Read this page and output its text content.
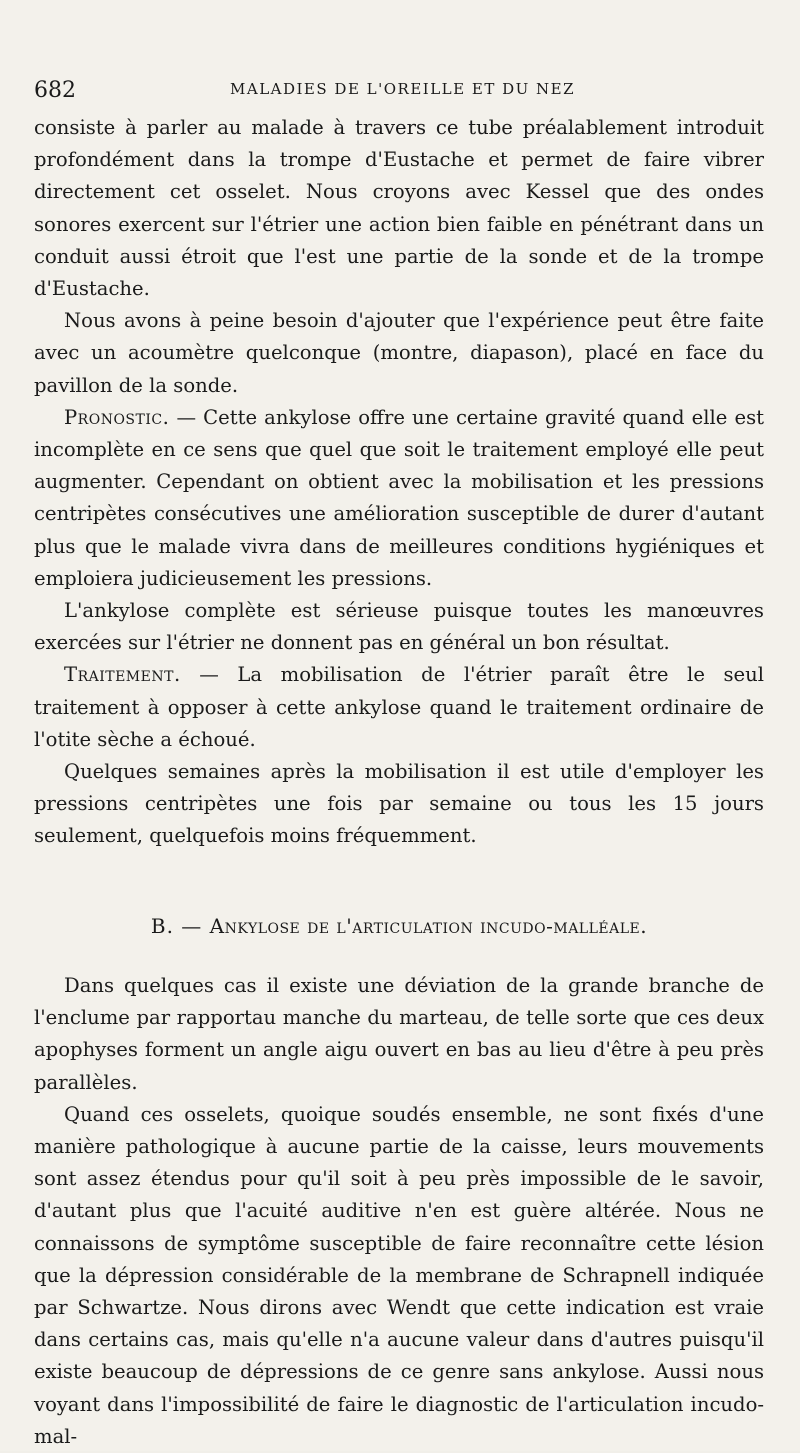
682	MALADIES DE L'OREILLE ET DU NEZ

consiste à parler au malade à travers ce tube préalablement introduit profondément dans la trompe d'Eustache et permet de faire vibrer directement cet osselet. Nous croyons avec Kessel que des ondes sonores exercent sur l'étrier une action bien faible en pénétrant dans un conduit aussi étroit que l'est une partie de la sonde et de la trompe d'Eustache.

Nous avons à peine besoin d'ajouter que l'expérience peut être faite avec un acoumètre quelconque (montre, diapason), placé en face du pavillon de la sonde.

Pronostic. — Cette ankylose offre une certaine gravité quand elle est incomplète en ce sens que quel que soit le traitement employé elle peut augmenter. Cependant on obtient avec la mobilisation et les pressions centripètes consécutives une amélioration susceptible de durer d'autant plus que le malade vivra dans de meilleures conditions hygiéniques et emploiera judicieusement les pressions.

L'ankylose complète est sérieuse puisque toutes les manœuvres exercées sur l'étrier ne donnent pas en général un bon résultat.

Traitement. — La mobilisation de l'étrier paraît être le seul traitement à opposer à cette ankylose quand le traitement ordinaire de l'otite sèche a échoué.

Quelques semaines après la mobilisation il est utile d'employer les pressions centripètes une fois par semaine ou tous les 15 jours seulement, quelquefois moins fréquemment.

B. — Ankylose de l'articulation incudo-malléale.

Dans quelques cas il existe une déviation de la grande branche de l'enclume par rapportau manche du marteau, de telle sorte que ces deux apophyses forment un angle aigu ouvert en bas au lieu d'être à peu près parallèles.

Quand ces osselets, quoique soudés ensemble, ne sont fixés d'une manière pathologique à aucune partie de la caisse, leurs mouvements sont assez étendus pour qu'il soit à peu près impossible de le savoir, d'autant plus que l'acuité auditive n'en est guère altérée. Nous ne connaissons de symptôme susceptible de faire reconnaître cette lésion que la dépression considérable de la membrane de Schrapnell indiquée par Schwartze. Nous dirons avec Wendt que cette indication est vraie dans certains cas, mais qu'elle n'a aucune valeur dans d'autres puisqu'il existe beaucoup de dépressions de ce genre sans ankylose. Aussi nous voyant dans l'impossibilité de faire le diagnostic de l'articulation incudo-mal-
